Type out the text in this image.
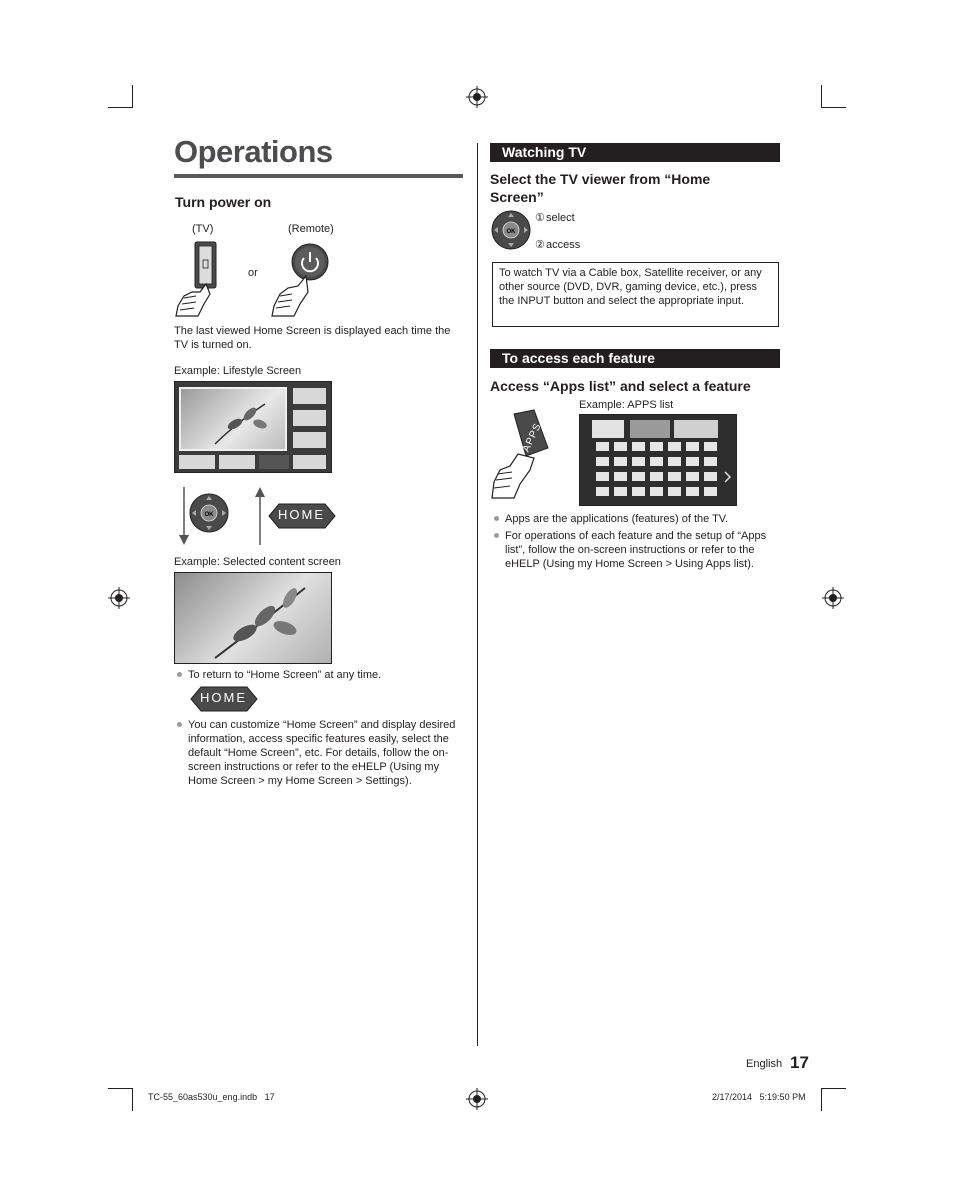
Operations
Turn power on
(TV)	(Remote)
or
The last viewed Home Screen is displayed each time the TV is turned on.
Example: Lifestyle Screen
OK	HOME
Example: Selected content screen
To return to “Home Screen” at any time.
HOME
You can customize “Home Screen” and display desired information, access specific features easily, select the default “Home Screen”, etc. For details, follow the on-screen instructions or refer to the eHELP (Using my Home Screen > my Home Screen > Settings).
Watching TV
Select the TV viewer from “Home Screen”
OK
① select
② access
To watch TV via a Cable box, Satellite receiver, or any other source (DVD, DVR, gaming device, etc.), press the INPUT button and select the appropriate input.
To access each feature
Access “Apps list” and select a feature
Example: APPS list
APPS
Apps are the applications (features) of the TV.
For operations of each feature and the setup of “Apps list”, follow the on-screen instructions or refer to the eHELP (Using my Home Screen > Using Apps list).
English 17
TC-55_60as530u_eng.indb   17	2/17/2014   5:19:50 PM
